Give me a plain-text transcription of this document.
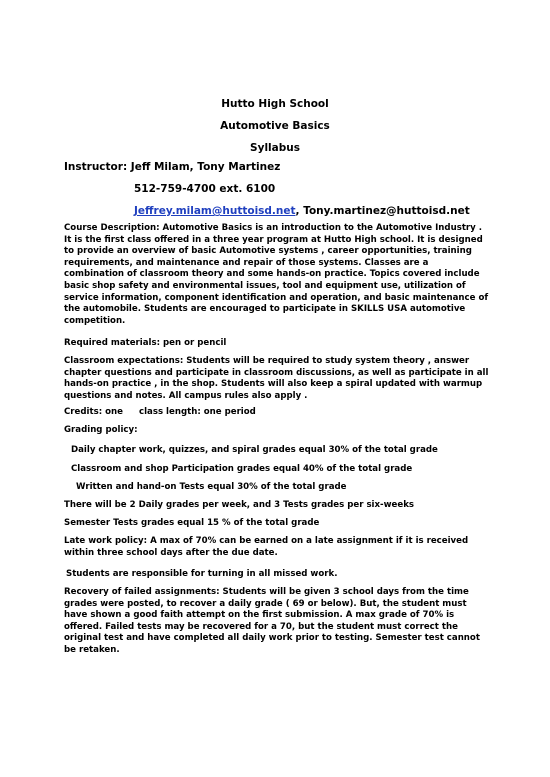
Hutto High School
Automotive Basics
Syllabus
Instructor: Jeff Milam, Tony Martinez
512-759-4700 ext. 6100
Jeffrey.milam@huttoisd.net, Tony.martinez@huttoisd.net
Course Description: Automotive Basics is an introduction to the Automotive Industry . It is the first class offered in a three year program at Hutto High school. It is designed to provide an overview of basic Automotive systems , career opportunities, training requirements, and maintenance and repair of those systems. Classes are a combination of classroom theory and some hands-on practice. Topics covered include basic shop safety and environmental issues, tool and equipment use, utilization of service information, component identification and operation, and basic maintenance of the automobile. Students are encouraged to participate in SKILLS USA automotive competition.
Required materials: pen or pencil
Classroom expectations: Students will be required to study system theory , answer chapter questions and participate in classroom discussions, as well as participate in all hands-on practice , in the shop. Students will also keep a spiral updated with warmup questions and notes. All campus rules also apply .
Credits: one class length: one period
Grading policy:
Daily chapter work, quizzes, and spiral grades equal 30% of the total grade
Classroom and shop Participation grades equal 40% of the total grade
Written and hand-on Tests equal 30% of the total grade
There will be 2 Daily grades per week, and 3 Tests grades per six-weeks
Semester Tests grades equal 15 % of the total grade
Late work policy: A max of 70% can be earned on a late assignment if it is received within three school days after the due date.
Students are responsible for turning in all missed work.
Recovery of failed assignments: Students will be given 3 school days from the time grades were posted, to recover a daily grade ( 69 or below). But, the student must have shown a good faith attempt on the first submission. A max grade of 70% is offered. Failed tests may be recovered for a 70, but the student must correct the original test and have completed all daily work prior to testing. Semester test cannot be retaken.
